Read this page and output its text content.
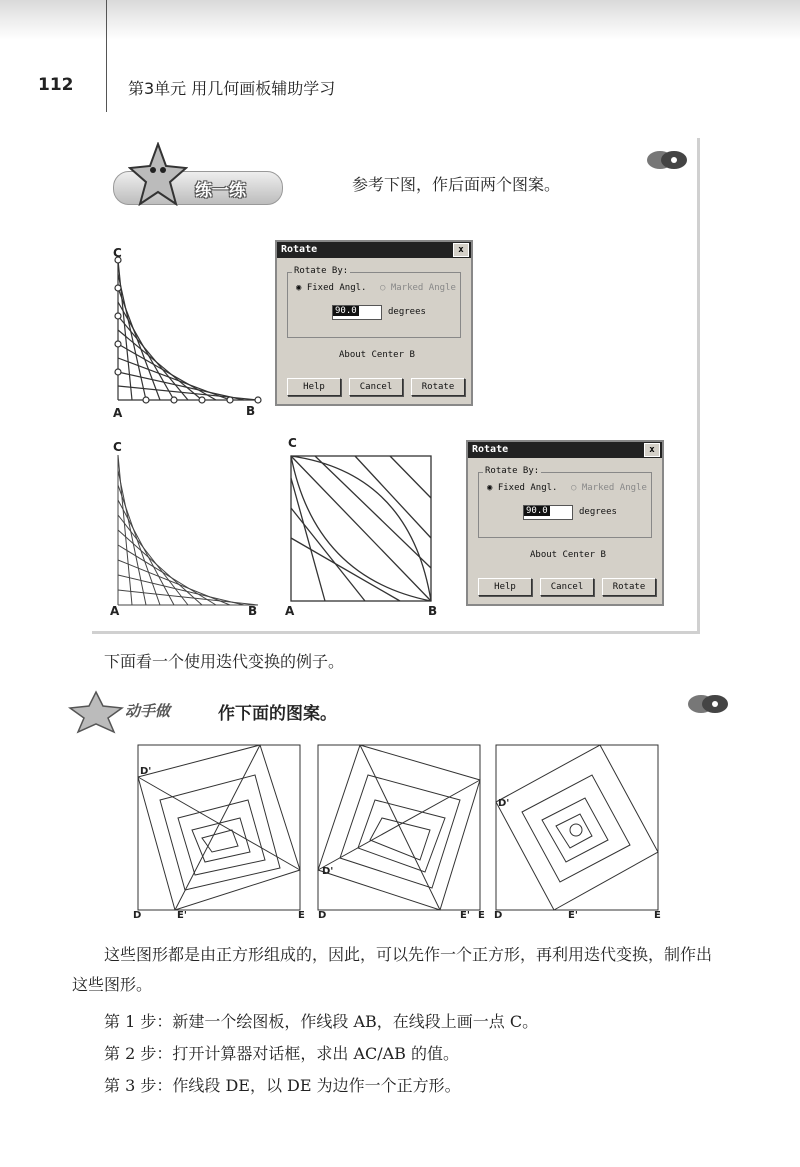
112	第3单元 用几何画板辅助学习
练一练	参考下图，作后面两个图案。
C
A	B
Rotate	x
Rotate By:
◉ Fixed Angl. ○ Marked Angle
90.0	degrees
About Center B
Help	Cancel	Rotate
C
A	B
C
A	B
Rotate	x
Rotate By:
◉ Fixed Angl. ○ Marked Angle
90.0	degrees
About Center B
Help	Cancel	Rotate
下面看一个使用迭代变换的例子。
动手做	作下面的图案。
D'
D	E'	E
D'
D	E' E
D'
D	E'	E
这些图形都是由正方形组成的，因此，可以先作一个正方形，再利用迭代变换，制作出这些图形。
第 1 步：新建一个绘图板，作线段 AB，在线段上画一点 C。
第 2 步：打开计算器对话框，求出 AC/AB 的值。
第 3 步：作线段 DE，以 DE 为边作一个正方形。
